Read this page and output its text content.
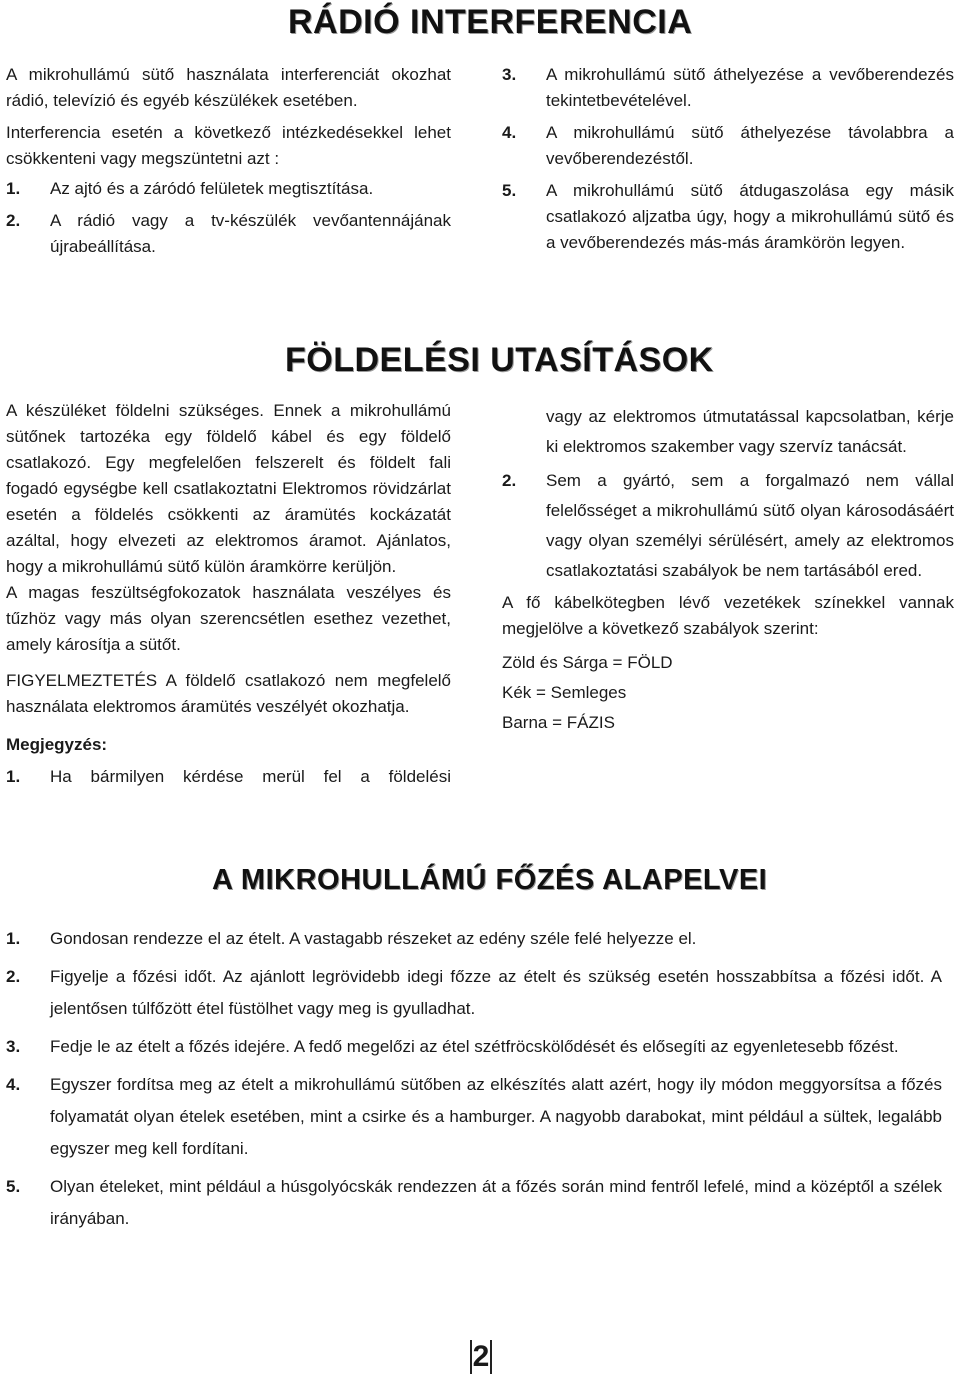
RÁDIÓ INTERFERENCIA

A mikrohullámú sütő használata interferenciát okozhat rádió, televízió és egyéb készülékek esetében.

Interferencia esetén a következő intézkedésekkel lehet csökkenteni vagy megszüntetni azt :

1. Az ajtó és a záródó felületek megtisztítása.
2. A rádió vagy a tv-készülék vevőantennájának újrabeállítása.
3. A mikrohullámú sütő áthelyezése a vevőberendezés tekintetbevételével.
4. A mikrohullámú sütő áthelyezése távolabbra a vevőberendezéstől.
5. A mikrohullámú sütő átdugaszolása egy másik csatlakozó aljzatba úgy, hogy a mikrohullámú sütő és a vevőberendezés más-más áramkörön legyen.
FÖLDELÉSI UTASÍTÁSOK

A készüléket földelni szükséges. Ennek a mikrohullámú sütőnek tartozéka egy földelő kábel és egy földelő csatlakozó. Egy megfelelően felszerelt és földelt fali fogadó egységbe kell csatlakoztatni Elektromos rövidzárlat esetén a földelés csökkenti az áramütés kockázatát azáltal, hogy elvezeti az elektromos áramot. Ajánlatos, hogy a mikrohullámú sütő külön áramkörre kerüljön.

A magas feszültségfokozatok használata veszélyes és tűzhöz vagy más olyan szerencsétlen esethez vezethet, amely károsítja a sütőt.

FIGYELMEZTETÉS A földelő csatlakozó nem megfelelő használata elektromos áramütés veszélyét okozhatja.

Megjegyzés:

1. Ha bármilyen kérdése merül fel a földelési
vagy az elektromos útmutatással kapcsolatban, kérje ki elektromos szakember vagy szervíz tanácsát.
2. Sem a gyártó, sem a forgalmazó nem vállal felelősséget a mikrohullámú sütő olyan károsodásáért vagy olyan személyi sérülésért, amely az elektromos csatlakoztatási szabályok be nem tartásából ered.

A fő kábelkötegben lévő vezetékek színekkel vannak megjelölve a következő szabályok szerint:

Zöld és Sárga = FÖLD

Kék = Semleges

Barna = FÁZIS

A MIKROHULLÁMÚ FŐZÉS ALAPELVEI
1. Gondosan rendezze el az ételt. A vastagabb részeket az edény széle felé helyezze el.
2. Figyelje a főzési időt. Az ajánlott legrövidebb idegi főzze az ételt és szükség esetén hosszabbítsa a főzési időt. A jelentősen túlfőzött étel füstölhet vagy meg is gyulladhat.
3. Fedje le az ételt a főzés idejére. A fedő megelőzi az étel szétfröcskölődését és elősegíti az egyenletesebb főzést.
4. Egyszer fordítsa meg az ételt a mikrohullámú sütőben az elkészítés alatt azért, hogy ily módon meggyorsítsa a főzés folyamatát olyan ételek esetében, mint a csirke és a hamburger. A nagyobb darabokat, mint például a sültek, legalább egyszer meg kell fordítani.
5. Olyan ételeket, mint például a húsgolyócskák rendezzen át a főzés során mind fentről lefelé, mind a középtől a szélek irányában.
2
